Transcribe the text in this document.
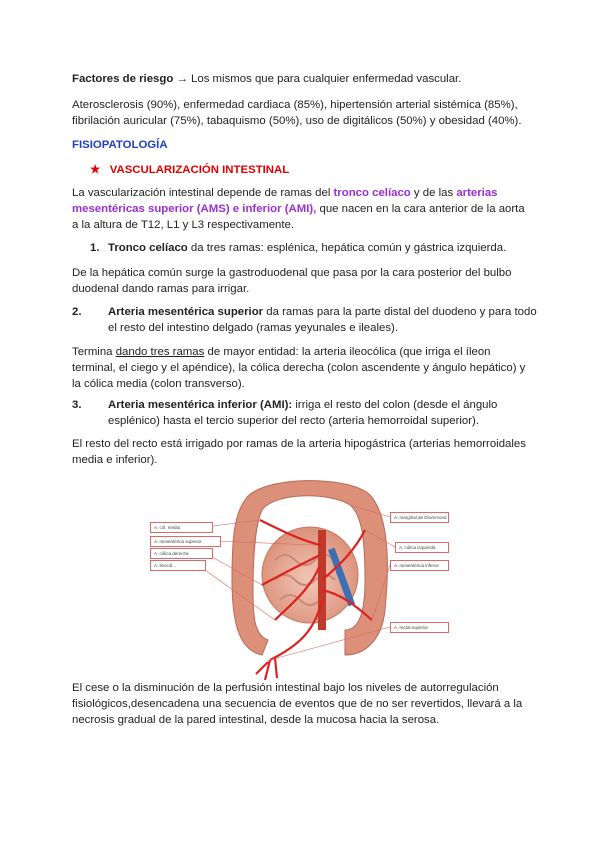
Factores de riesgo → Los mismos que para cualquier enfermedad vascular.

Aterosclerosis (90%), enfermedad cardiaca (85%), hipertensión arterial sistémica (85%), fibrilación auricular (75%), tabaquismo (50%), uso de digitálicos (50%) y obesidad (40%).

FISIOPATOLOGÍA

★ VASCULARIZACIÓN INTESTINAL

La vascularización intestinal depende de ramas del tronco celíaco y de las arterias mesentéricas superior (AMS) e inferior (AMI), que nacen en la cara anterior de la aorta a la altura de T12, L1 y L3 respectivamente.

1. Tronco celíaco da tres ramas: esplénica, hepática común y gástrica izquierda.

De la hepática común surge la gastroduodenal que pasa por la cara posterior del bulbo duodenal dando ramas para irrigar.

2. Arteria mesentérica superior da ramas para la parte distal del duodeno y para todo el resto del intestino delgado (ramas yeyunales e ileales).

Termina dando tres ramas de mayor entidad: la arteria ileocólica (que irriga el íleon terminal, el ciego y el apéndice), la cólica derecha (colon ascendente y ángulo hepático) y la cólica media (colon transverso).

3. Arteria mesentérica inferior (AMI): irriga el resto del colon (desde el ángulo esplénico) hasta el tercio superior del recto (arteria hemorroidal superior).

El resto del recto está irrigado por ramas de la arteria hipogástrica (arterias hemorroidales media e inferior).

A. cól. media
A. mesentérica superior
A. cólica derecha
A. ileocól...
A. marginal de Drummond
A. cólica izquierda
A. mesentérica inferior
A. rectal superior

El cese o la disminución de la perfusión intestinal bajo los niveles de autorregulación fisiológicos,desencadena una secuencia de eventos que de no ser revertidos, llevará a la necrosis gradual de la pared intestinal, desde la mucosa hacia la serosa.
